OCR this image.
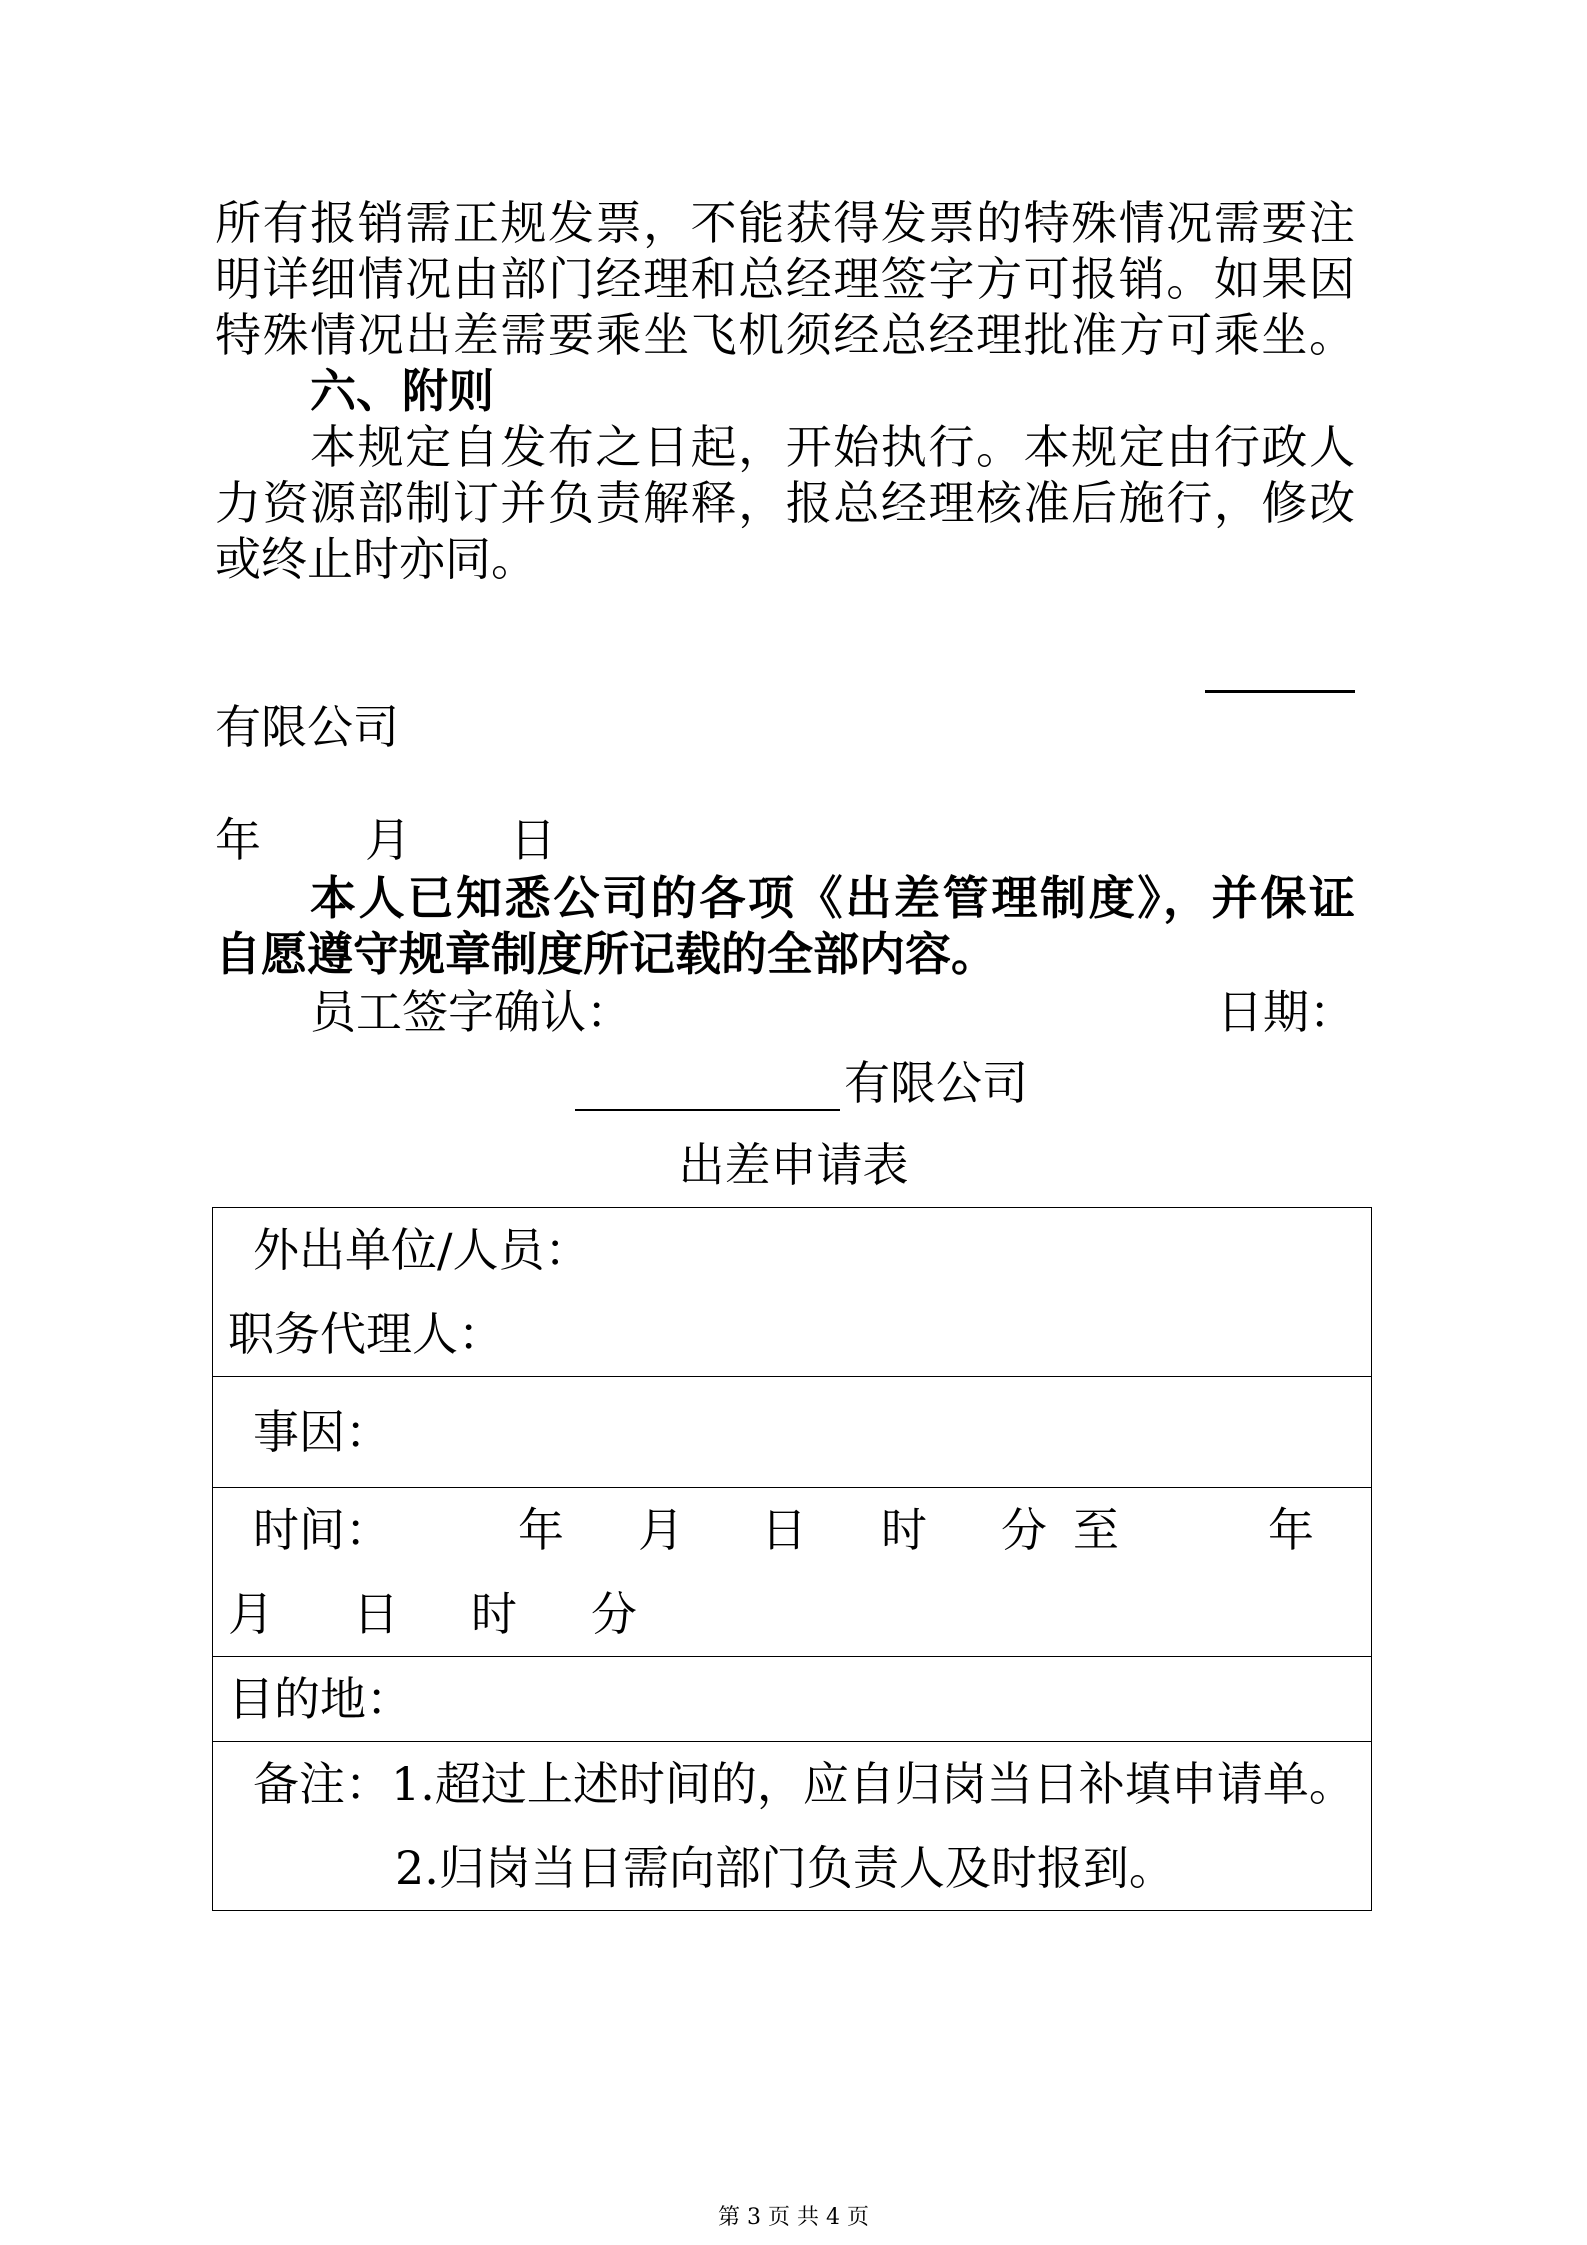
所有报销需正规发票，不能获得发票的特殊情况需要注
明详细情况由部门经理和总经理签字方可报销。如果因
特殊情况出差需要乘坐飞机须经总经理批准方可乘坐。
六、附则
本规定自发布之日起，开始执行。本规定由行政人
力资源部制订并负责解释，报总经理核准后施行，修改
或终止时亦同。
有限公司
年 月 日
本人已知悉公司的各项《出差管理制度》，并保证
自愿遵守规章制度所记载的全部内容。
员工签字确认：	日期：
有限公司
出差申请表
外出单位/人员：
职务代理人：

事因：

时间：	年 月 日 时 分 至	年
月 日 时 分

目的地：

备注：1.超过上述时间的，应自归岗当日补填申请单。
2.归岗当日需向部门负责人及时报到。
第 3 页 共 4 页
